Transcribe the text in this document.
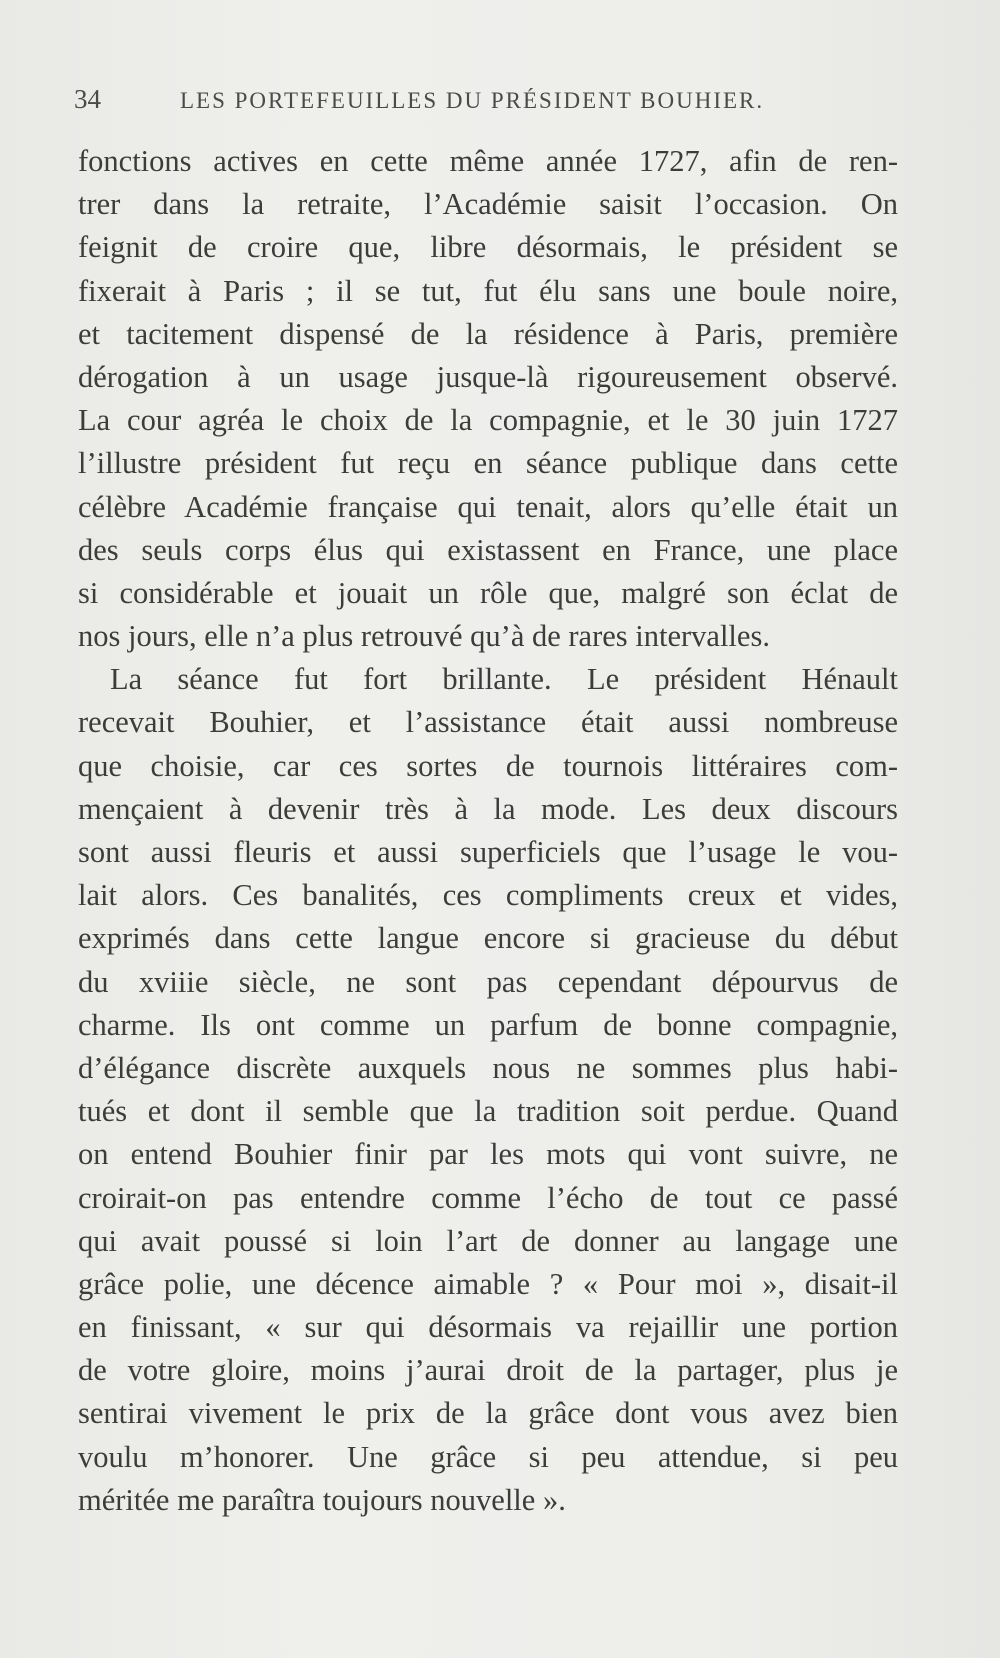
34	LES PORTEFEUILLES DU PRÉSIDENT BOUHIER.
fonctions actives en cette même année 1727, afin de ren-
trer dans la retraite, l’Académie saisit l’occasion. On
feignit de croire que, libre désormais, le président se
fixerait à Paris ; il se tut, fut élu sans une boule noire,
et tacitement dispensé de la résidence à Paris, première
dérogation à un usage jusque-là rigoureusement observé.
La cour agréa le choix de la compagnie, et le 30 juin 1727
l’illustre président fut reçu en séance publique dans cette
célèbre Académie française qui tenait, alors qu’elle était un
des seuls corps élus qui existassent en France, une place
si considérable et jouait un rôle que, malgré son éclat de
nos jours, elle n’a plus retrouvé qu’à de rares intervalles.
La séance fut fort brillante. Le président Hénault
recevait Bouhier, et l’assistance était aussi nombreuse
que choisie, car ces sortes de tournois littéraires com-
mençaient à devenir très à la mode. Les deux discours
sont aussi fleuris et aussi superficiels que l’usage le vou-
lait alors. Ces banalités, ces compliments creux et vides,
exprimés dans cette langue encore si gracieuse du début
du xviiie siècle, ne sont pas cependant dépourvus de
charme. Ils ont comme un parfum de bonne compagnie,
d’élégance discrète auxquels nous ne sommes plus habi-
tués et dont il semble que la tradition soit perdue. Quand
on entend Bouhier finir par les mots qui vont suivre, ne
croirait-on pas entendre comme l’écho de tout ce passé
qui avait poussé si loin l’art de donner au langage une
grâce polie, une décence aimable ? « Pour moi », disait-il
en finissant, « sur qui désormais va rejaillir une portion
de votre gloire, moins j’aurai droit de la partager, plus je
sentirai vivement le prix de la grâce dont vous avez bien
voulu m’honorer. Une grâce si peu attendue, si peu
méritée me paraîtra toujours nouvelle ».
